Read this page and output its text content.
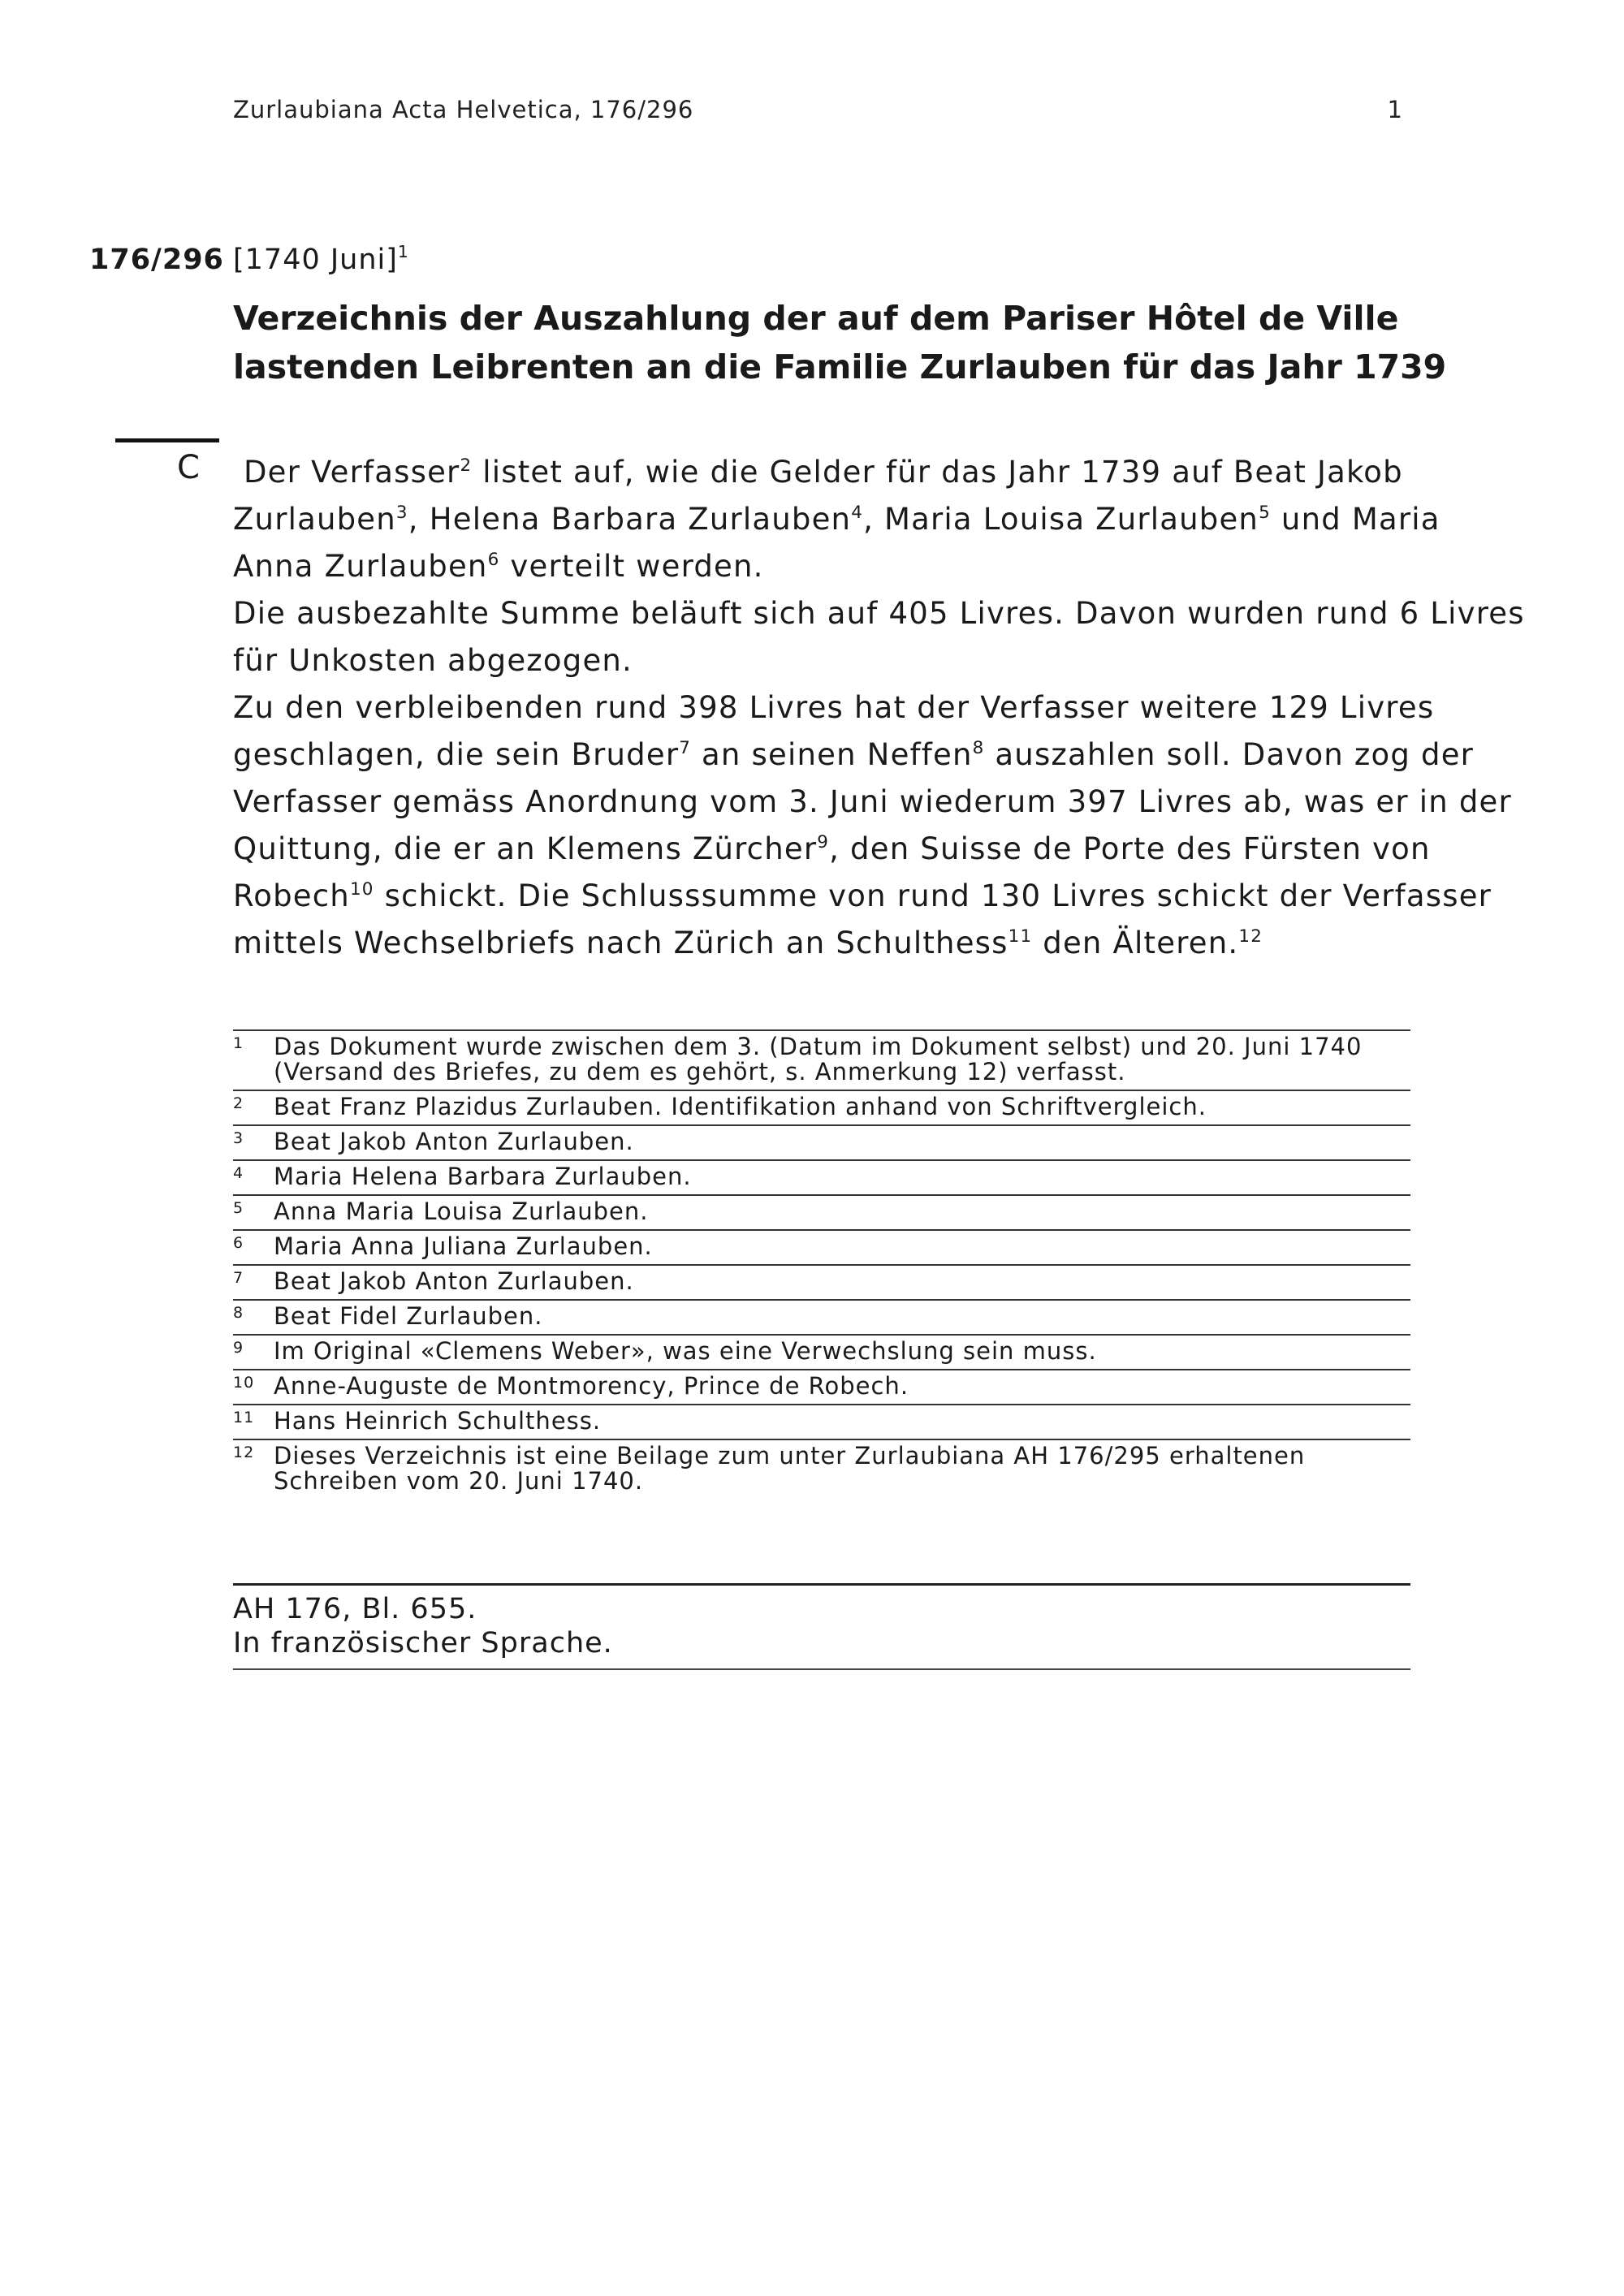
Zurlaubiana Acta Helvetica, 176/296	1
176/296 [1740 Juni]$^1$
Verzeichnis der Auszahlung der auf dem Pariser Hôtel de Ville
lastenden Leibrenten an die Familie Zurlauben für das Jahr 1739
C	Der Verfasser$^2$ listet auf, wie die Gelder für das Jahr 1739 auf Beat Jakob
Zurlauben$^3$, Helena Barbara Zurlauben$^4$, Maria Louisa Zurlauben$^5$ und Maria
Anna Zurlauben$^6$ verteilt werden.
Die ausbezahlte Summe beläuft sich auf 405 Livres. Davon wurden rund 6 Livres
für Unkosten abgezogen.
Zu den verbleibenden rund 398 Livres hat der Verfasser weitere 129 Livres
geschlagen, die sein Bruder$^7$ an seinen Neffen$^8$ auszahlen soll. Davon zog der
Verfasser gemäss Anordnung vom 3. Juni wiederum 397 Livres ab, was er in der
Quittung, die er an Klemens Zürcher$^9$, den Suisse de Porte des Fürsten von
Robech$^{10}$ schickt. Die Schlusssumme von rund 130 Livres schickt der Verfasser
mittels Wechselbriefs nach Zürich an Schulthess$^{11}$ den Älteren.$^{12}$
1	Das Dokument wurde zwischen dem 3. (Datum im Dokument selbst) und 20. Juni 1740 (Versand des Briefes, zu dem es gehört, s. Anmerkung 12) verfasst.
2	Beat Franz Plazidus Zurlauben. Identifikation anhand von Schriftvergleich.
3	Beat Jakob Anton Zurlauben.
4	Maria Helena Barbara Zurlauben.
5	Anna Maria Louisa Zurlauben.
6	Maria Anna Juliana Zurlauben.
7	Beat Jakob Anton Zurlauben.
8	Beat Fidel Zurlauben.
9	Im Original «Clemens Weber», was eine Verwechslung sein muss.
10 Anne-Auguste de Montmorency, Prince de Robech.
11 Hans Heinrich Schulthess.
12 Dieses Verzeichnis ist eine Beilage zum unter Zurlaubiana AH 176/295 erhaltenen Schreiben vom 20. Juni 1740.
AH 176, Bl. 655.
In französischer Sprache.
